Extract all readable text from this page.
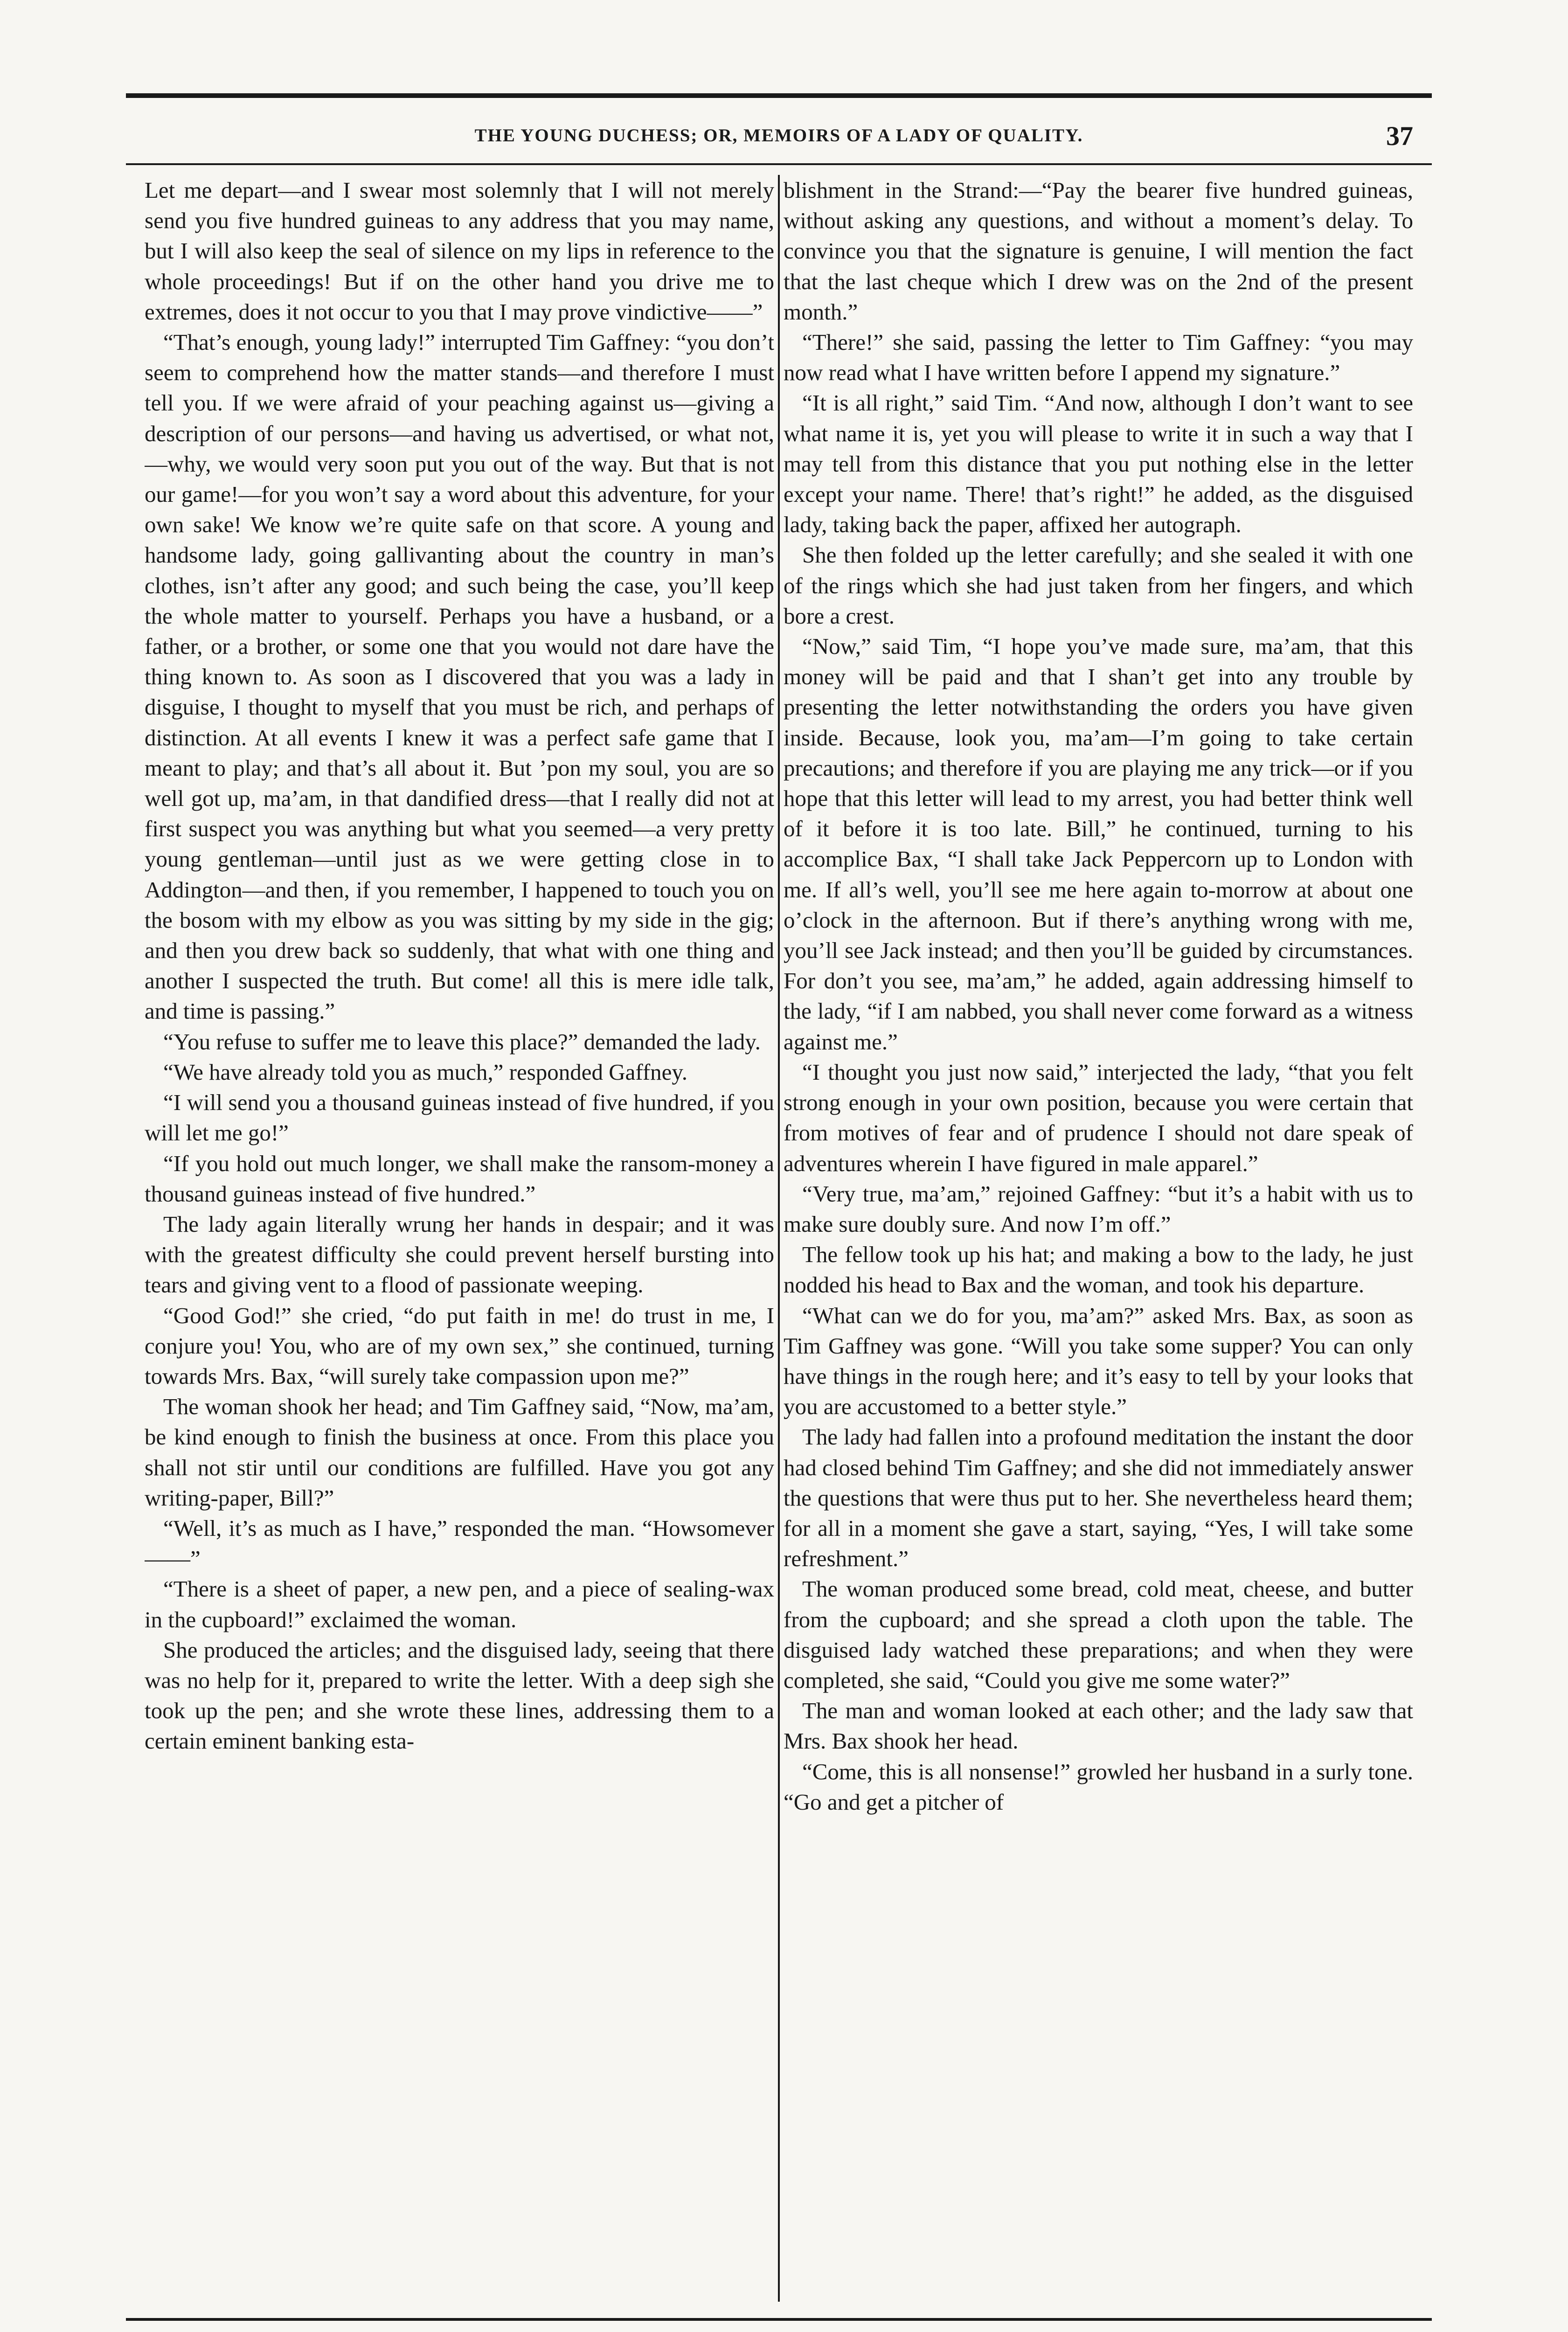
THE YOUNG DUCHESS; OR, MEMOIRS OF A LADY OF QUALITY.	37

Let me depart—and I swear most solemnly that I will not merely send you five hundred guineas to any address that you may name, but I will also keep the seal of silence on my lips in reference to the whole proceedings! But if on the other hand you drive me to extremes, does it not occur to you that I may prove vindictive——”

“That’s enough, young lady!” interrupted Tim Gaffney: “you don’t seem to comprehend how the matter stands—and therefore I must tell you. If we were afraid of your peaching against us—giving a description of our persons—and having us advertised, or what not,—why, we would very soon put you out of the way. But that is not our game!—for you won’t say a word about this adventure, for your own sake! We know we’re quite safe on that score. A young and handsome lady, going gallivanting about the country in man’s clothes, isn’t after any good; and such being the case, you’ll keep the whole matter to yourself. Perhaps you have a husband, or a father, or a brother, or some one that you would not dare have the thing known to. As soon as I discovered that you was a lady in disguise, I thought to myself that you must be rich, and perhaps of distinction. At all events I knew it was a perfect safe game that I meant to play; and that’s all about it. But ’pon my soul, you are so well got up, ma’am, in that dandified dress—that I really did not at first suspect you was anything but what you seemed—a very pretty young gentleman—until just as we were getting close in to Addington—and then, if you remember, I happened to touch you on the bosom with my elbow as you was sitting by my side in the gig; and then you drew back so suddenly, that what with one thing and another I suspected the truth. But come! all this is mere idle talk, and time is passing.”

“You refuse to suffer me to leave this place?” demanded the lady.

“We have already told you as much,” responded Gaffney.

“I will send you a thousand guineas instead of five hundred, if you will let me go!”

“If you hold out much longer, we shall make the ransom-money a thousand guineas instead of five hundred.”

The lady again literally wrung her hands in despair; and it was with the greatest difficulty she could prevent herself bursting into tears and giving vent to a flood of passionate weeping.

“Good God!” she cried, “do put faith in me! do trust in me, I conjure you! You, who are of my own sex,” she continued, turning towards Mrs. Bax, “will surely take compassion upon me?”

The woman shook her head; and Tim Gaffney said, “Now, ma’am, be kind enough to finish the business at once. From this place you shall not stir until our conditions are fulfilled. Have you got any writing-paper, Bill?”

“Well, it’s as much as I have,” responded the man. “Howsomever——”

“There is a sheet of paper, a new pen, and a piece of sealing-wax in the cupboard!” exclaimed the woman.

She produced the articles; and the disguised lady, seeing that there was no help for it, prepared to write the letter. With a deep sigh she took up the pen; and she wrote these lines, addressing them to a certain eminent banking esta-

blishment in the Strand:—“Pay the bearer five hundred guineas, without asking any questions, and without a moment’s delay. To convince you that the signature is genuine, I will mention the fact that the last cheque which I drew was on the 2nd of the present month.”

“There!” she said, passing the letter to Tim Gaffney: “you may now read what I have written before I append my signature.”

“It is all right,” said Tim. “And now, although I don’t want to see what name it is, yet you will please to write it in such a way that I may tell from this distance that you put nothing else in the letter except your name. There! that’s right!” he added, as the disguised lady, taking back the paper, affixed her autograph.

She then folded up the letter carefully; and she sealed it with one of the rings which she had just taken from her fingers, and which bore a crest.

“Now,” said Tim, “I hope you’ve made sure, ma’am, that this money will be paid and that I shan’t get into any trouble by presenting the letter notwithstanding the orders you have given inside. Because, look you, ma’am—I’m going to take certain precautions; and therefore if you are playing me any trick—or if you hope that this letter will lead to my arrest, you had better think well of it before it is too late. Bill,” he continued, turning to his accomplice Bax, “I shall take Jack Peppercorn up to London with me. If all’s well, you’ll see me here again to-morrow at about one o’clock in the afternoon. But if there’s anything wrong with me, you’ll see Jack instead; and then you’ll be guided by circumstances. For don’t you see, ma’am,” he added, again addressing himself to the lady, “if I am nabbed, you shall never come forward as a witness against me.”

“I thought you just now said,” interjected the lady, “that you felt strong enough in your own position, because you were certain that from motives of fear and of prudence I should not dare speak of adventures wherein I have figured in male apparel.”

“Very true, ma’am,” rejoined Gaffney: “but it’s a habit with us to make sure doubly sure. And now I’m off.”

The fellow took up his hat; and making a bow to the lady, he just nodded his head to Bax and the woman, and took his departure.

“What can we do for you, ma’am?” asked Mrs. Bax, as soon as Tim Gaffney was gone. “Will you take some supper? You can only have things in the rough here; and it’s easy to tell by your looks that you are accustomed to a better style.”

The lady had fallen into a profound meditation the instant the door had closed behind Tim Gaffney; and she did not immediately answer the questions that were thus put to her. She nevertheless heard them; for all in a moment she gave a start, saying, “Yes, I will take some refreshment.”

The woman produced some bread, cold meat, cheese, and butter from the cupboard; and she spread a cloth upon the table. The disguised lady watched these preparations; and when they were completed, she said, “Could you give me some water?”

The man and woman looked at each other; and the lady saw that Mrs. Bax shook her head.

“Come, this is all nonsense!” growled her husband in a surly tone. “Go and get a pitcher of
